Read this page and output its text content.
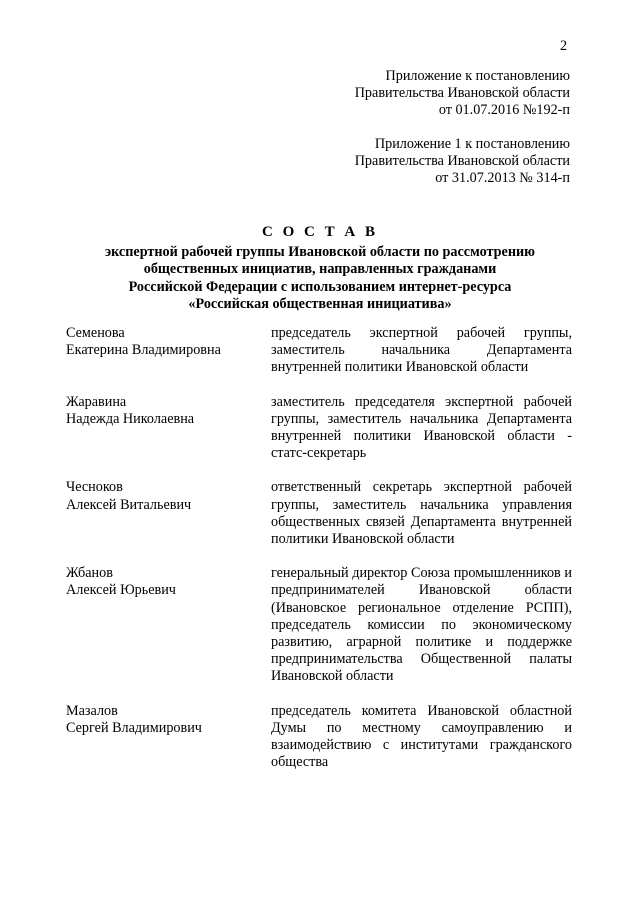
2
Приложение к постановлению
Правительства Ивановской области
от 01.07.2016 №192-п
Приложение 1 к постановлению
Правительства Ивановской области
от 31.07.2013 № 314-п
С О С Т А В
экспертной рабочей группы Ивановской области по рассмотрению
общественных инициатив, направленных гражданами
Российской Федерации с использованием интернет-ресурса
«Российская общественная инициатива»
Семенова
Екатерина Владимировна
председатель экспертной рабочей группы, заместитель начальника Департамента внутренней политики Ивановской области
Жаравина
Надежда Николаевна
заместитель председателя экспертной рабочей группы, заместитель начальника Департамента внутренней политики Ивановской области - статс-секретарь
Чесноков
Алексей Витальевич
ответственный секретарь экспертной рабочей группы, заместитель начальника управления общественных связей Департамента внутренней политики Ивановской области
Жбанов
Алексей Юрьевич
генеральный директор Союза промышленников и предпринимателей Ивановской области (Ивановское региональное отделение РСПП), председатель комиссии по экономическому развитию, аграрной политике и поддержке предпринимательства Общественной палаты Ивановской области
Мазалов
Сергей Владимирович
председатель комитета Ивановской областной Думы по местному самоуправлению и взаимодействию с институтами гражданского общества
